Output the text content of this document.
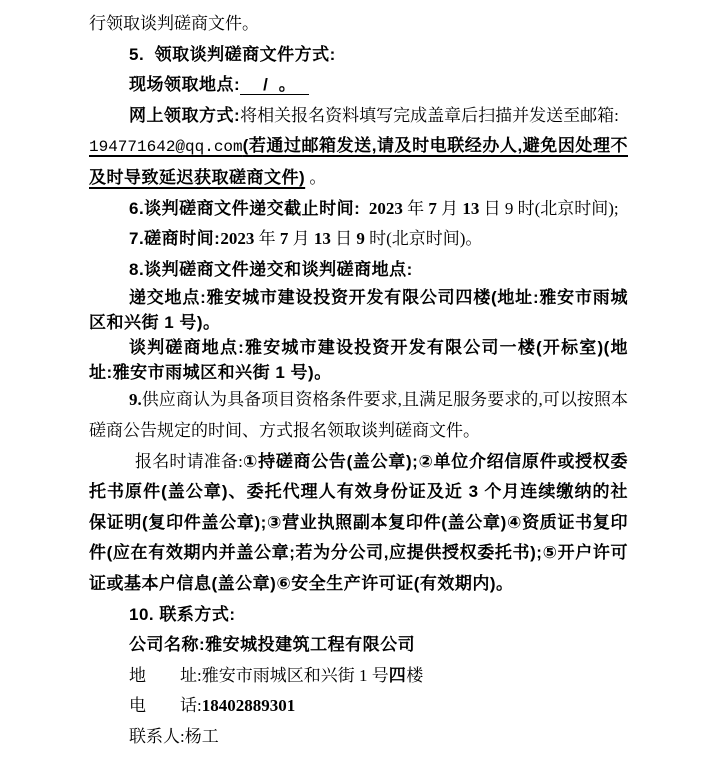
行领取谈判磋商文件。

5.  领取谈判磋商文件方式:

现场领取地点:    /  。

网上领取方式:将相关报名资料填写完成盖章后扫描并发送至邮箱:

194771642@qq.com(若通过邮箱发送,请及时电联经办人,避免因处理不及时导致延迟获取磋商文件) 。

6.谈判磋商文件递交截止时间:  2023 年 7 月 13 日 9 时(北京时间);

7.磋商时间:2023 年 7 月 13 日 9 时(北京时间)。

8.谈判磋商文件递交和谈判磋商地点:

递交地点:雅安城市建设投资开发有限公司四楼(地址:雅安市雨城区和兴街 1 号)。

谈判磋商地点:雅安城市建设投资开发有限公司一楼(开标室)(地址:雅安市雨城区和兴街 1 号)。

9.供应商认为具备项目资格条件要求,且满足服务要求的,可以按照本磋商公告规定的时间、方式报名领取谈判磋商文件。

报名时请准备:①持磋商公告(盖公章);②单位介绍信原件或授权委托书原件(盖公章)、委托代理人有效身份证及近 3 个月连续缴纳的社保证明(复印件盖公章);③营业执照副本复印件(盖公章)④资质证书复印件(应在有效期内并盖公章;若为分公司,应提供授权委托书);⑤开户许可证或基本户信息(盖公章)⑥安全生产许可证(有效期内)。

10. 联系方式:

公司名称:雅安城投建筑工程有限公司

地　　址:雅安市雨城区和兴街 1 号四楼

电　　话:18402889301

联系人:杨工
